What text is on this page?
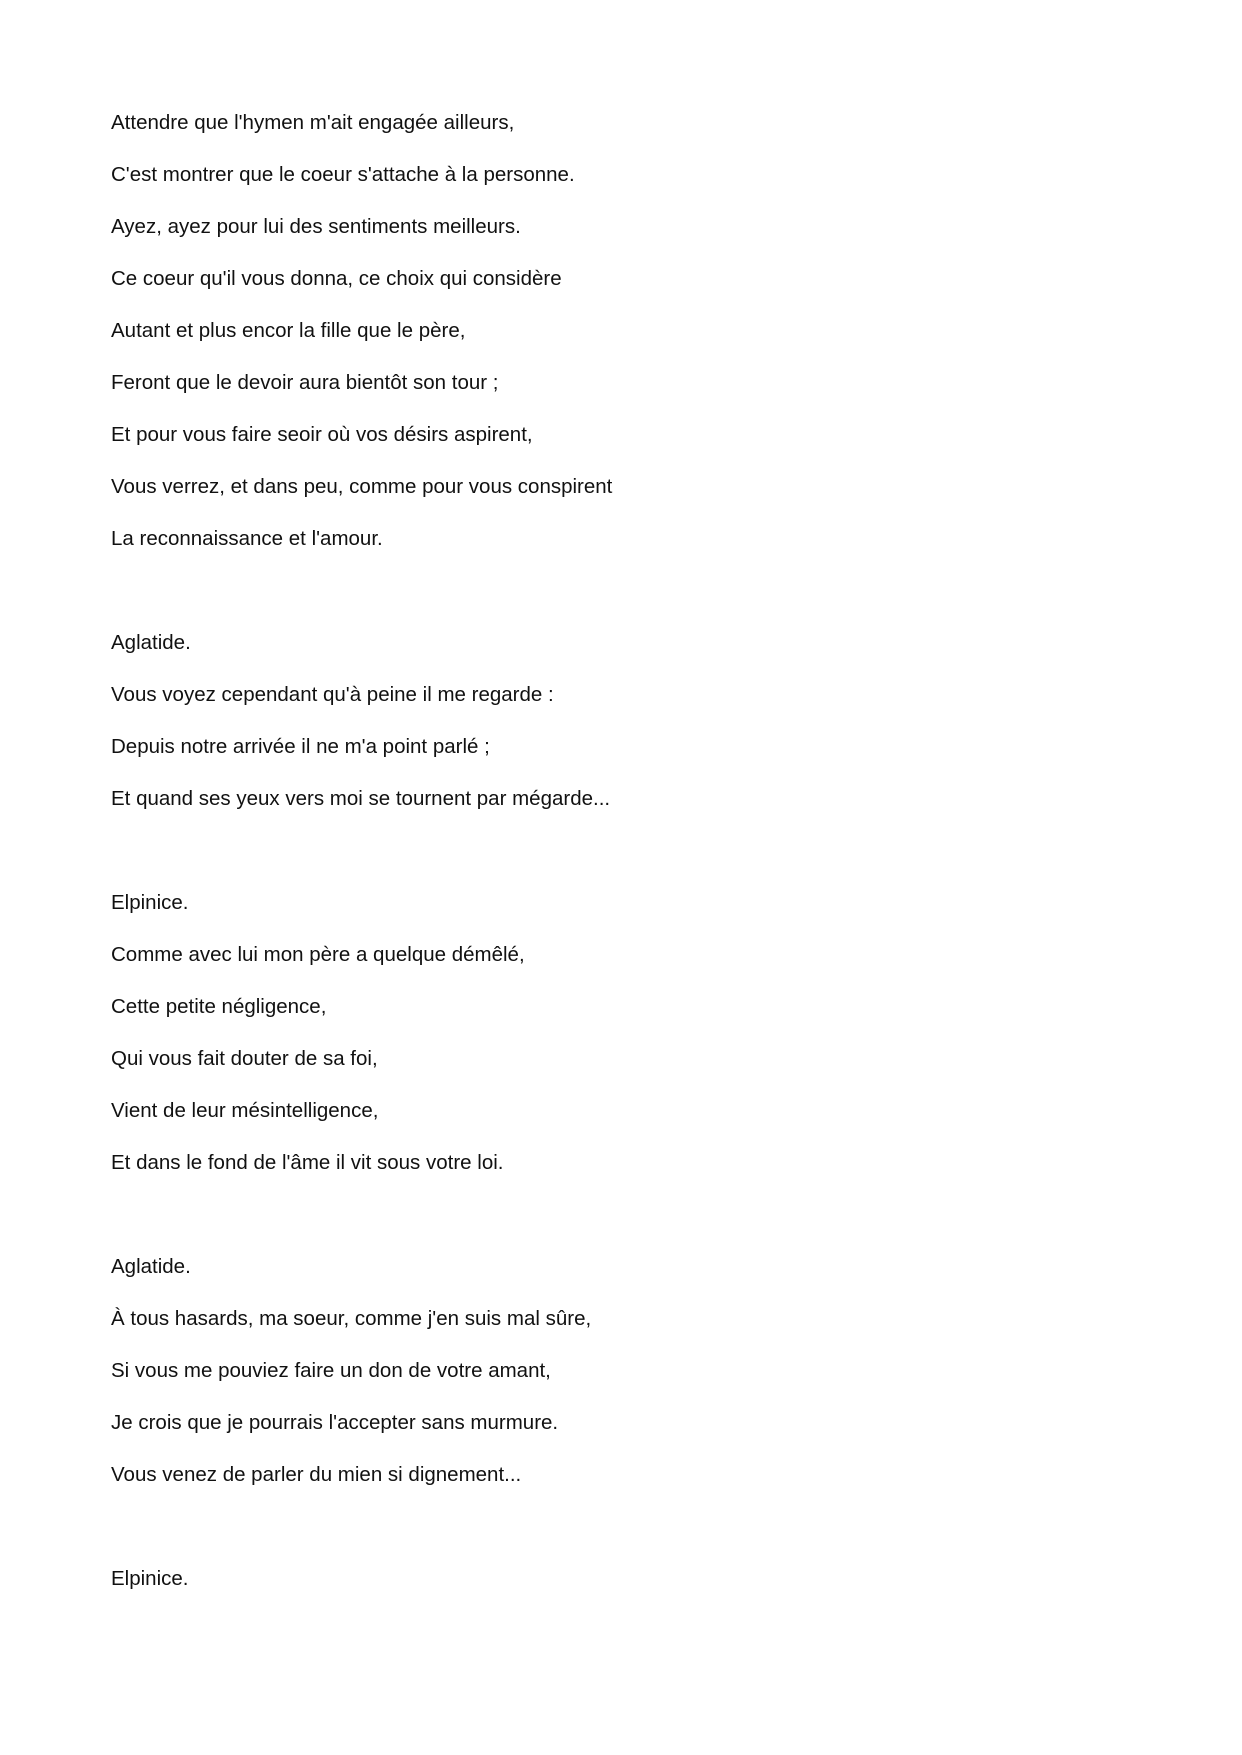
Attendre que l'hymen m'ait engagée ailleurs,

C'est montrer que le coeur s'attache à la personne.

Ayez, ayez pour lui des sentiments meilleurs.

Ce coeur qu'il vous donna, ce choix qui considère

Autant et plus encor la fille que le père,

Feront que le devoir aura bientôt son tour ;

Et pour vous faire seoir où vos désirs aspirent,

Vous verrez, et dans peu, comme pour vous conspirent

La reconnaissance et l'amour.

Aglatide.

Vous voyez cependant qu'à peine il me regarde :

Depuis notre arrivée il ne m'a point parlé ;

Et quand ses yeux vers moi se tournent par mégarde...

Elpinice.

Comme avec lui mon père a quelque démêlé,

Cette petite négligence,

Qui vous fait douter de sa foi,

Vient de leur mésintelligence,

Et dans le fond de l'âme il vit sous votre loi.

Aglatide.

À tous hasards, ma soeur, comme j'en suis mal sûre,

Si vous me pouviez faire un don de votre amant,

Je crois que je pourrais l'accepter sans murmure.

Vous venez de parler du mien si dignement...

Elpinice.
